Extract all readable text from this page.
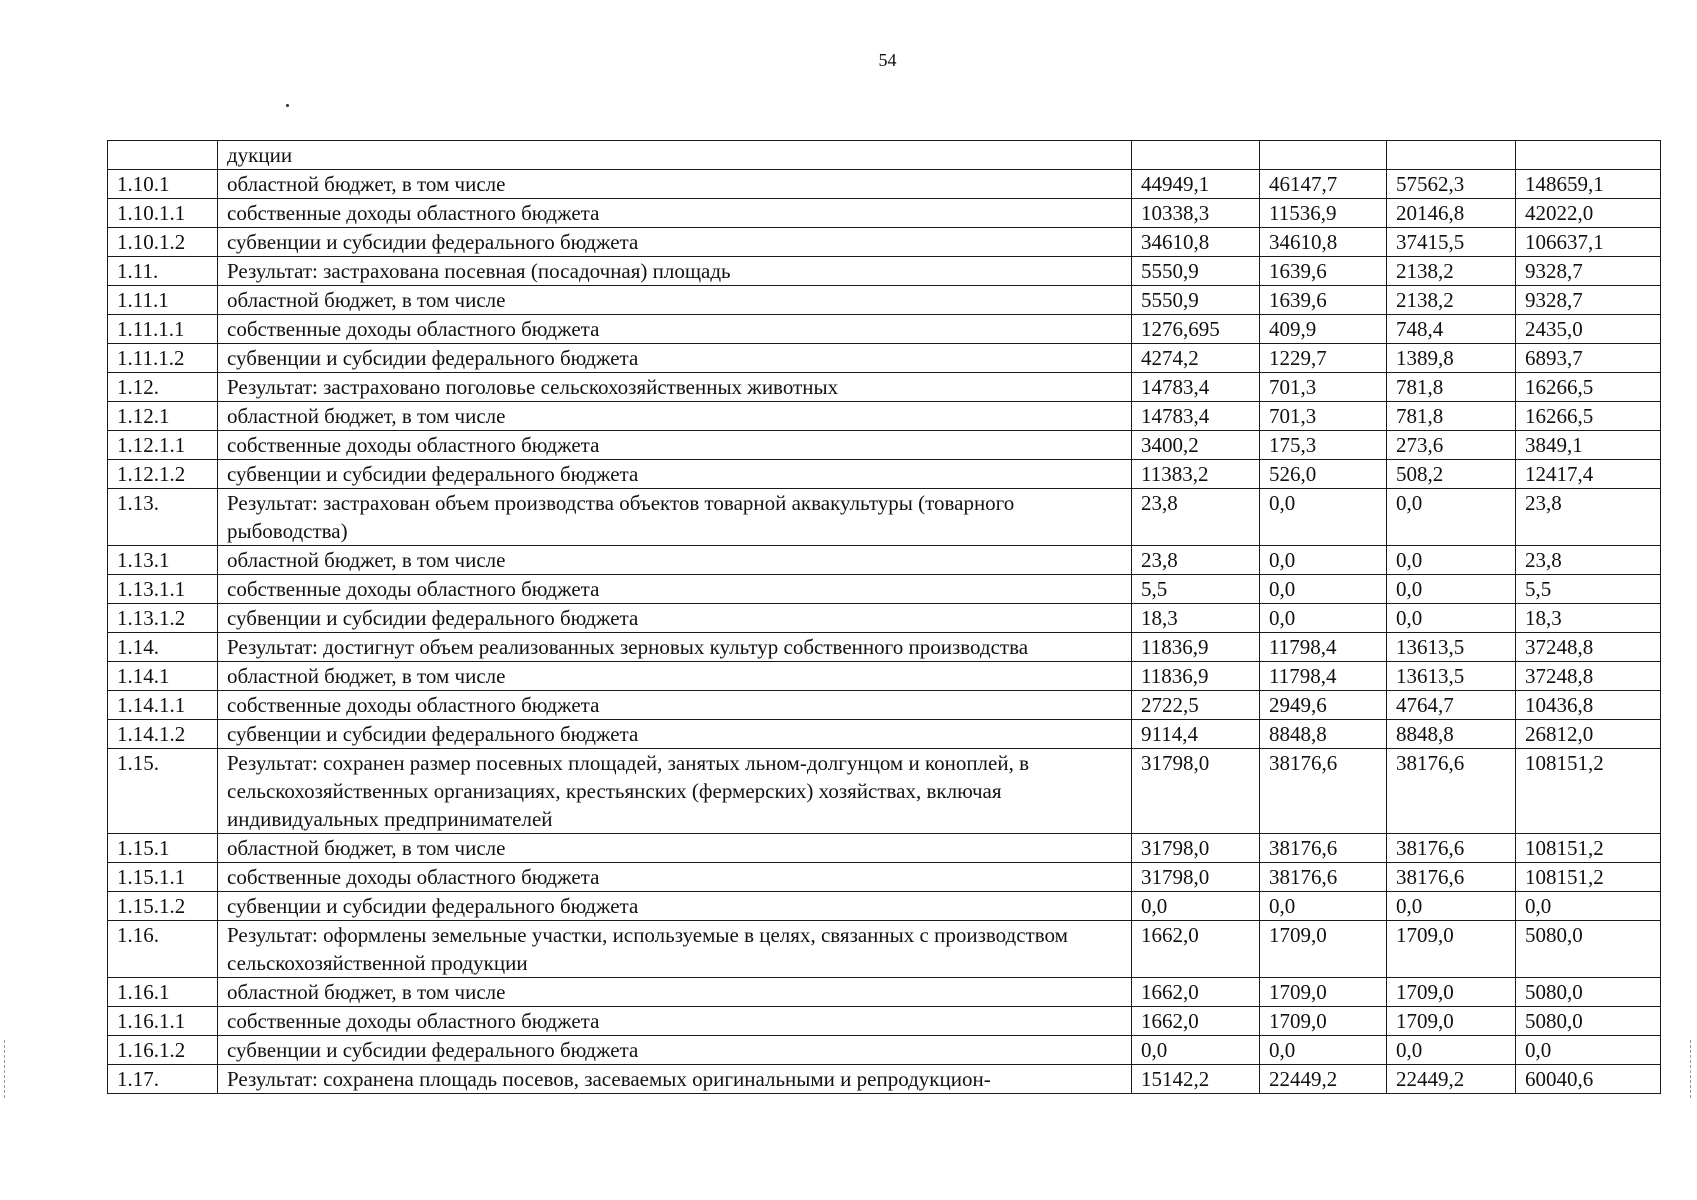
54
	дукции				
1.10.1	областной бюджет, в том числе	44949,1	46147,7	57562,3	148659,1
1.10.1.1	собственные доходы областного бюджета	10338,3	11536,9	20146,8	42022,0
1.10.1.2	субвенции и субсидии федерального бюджета	34610,8	34610,8	37415,5	106637,1
1.11.	Результат: застрахована посевная (посадочная) площадь	5550,9	1639,6	2138,2	9328,7
1.11.1	областной бюджет, в том числе	5550,9	1639,6	2138,2	9328,7
1.11.1.1	собственные доходы областного бюджета	1276,695	409,9	748,4	2435,0
1.11.1.2	субвенции и субсидии федерального бюджета	4274,2	1229,7	1389,8	6893,7
1.12.	Результат: застраховано поголовье сельскохозяйственных животных	14783,4	701,3	781,8	16266,5
1.12.1	областной бюджет, в том числе	14783,4	701,3	781,8	16266,5
1.12.1.1	собственные доходы областного бюджета	3400,2	175,3	273,6	3849,1
1.12.1.2	субвенции и субсидии федерального бюджета	11383,2	526,0	508,2	12417,4
1.13.	Результат: застрахован объем производства объектов товарной аквакультуры (товарного рыбоводства)	23,8	0,0	0,0	23,8
1.13.1	областной бюджет, в том числе	23,8	0,0	0,0	23,8
1.13.1.1	собственные доходы областного бюджета	5,5	0,0	0,0	5,5
1.13.1.2	субвенции и субсидии федерального бюджета	18,3	0,0	0,0	18,3
1.14.	Результат: достигнут объем реализованных зерновых культур собственного производства	11836,9	11798,4	13613,5	37248,8
1.14.1	областной бюджет, в том числе	11836,9	11798,4	13613,5	37248,8
1.14.1.1	собственные доходы областного бюджета	2722,5	2949,6	4764,7	10436,8
1.14.1.2	субвенции и субсидии федерального бюджета	9114,4	8848,8	8848,8	26812,0
1.15.	Результат: сохранен размер посевных площадей, занятых льном-долгунцом и коноплей, в сельскохозяйственных организациях, крестьянских (фермерских) хозяйствах, включая индивидуальных предпринимателей	31798,0	38176,6	38176,6	108151,2
1.15.1	областной бюджет, в том числе	31798,0	38176,6	38176,6	108151,2
1.15.1.1	собственные доходы областного бюджета	31798,0	38176,6	38176,6	108151,2
1.15.1.2	субвенции и субсидии федерального бюджета	0,0	0,0	0,0	0,0
1.16.	Результат: оформлены земельные участки, используемые в целях, связанных с производством сельскохозяйственной продукции	1662,0	1709,0	1709,0	5080,0
1.16.1	областной бюджет, в том числе	1662,0	1709,0	1709,0	5080,0
1.16.1.1	собственные доходы областного бюджета	1662,0	1709,0	1709,0	5080,0
1.16.1.2	субвенции и субсидии федерального бюджета	0,0	0,0	0,0	0,0
1.17.	Результат: сохранена площадь посевов, засеваемых оригинальными и репродукцион-	15142,2	22449,2	22449,2	60040,6
